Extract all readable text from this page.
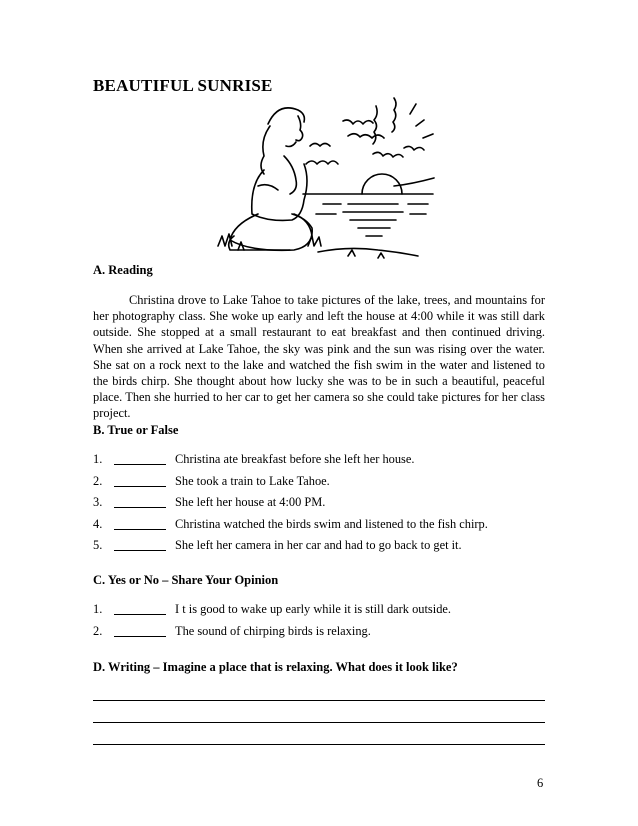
BEAUTIFUL SUNRISE
A. Reading

Christina drove to Lake Tahoe to take pictures of the lake, trees, and mountains for her photography class. She woke up early and left the house at 4:00 while it was still dark outside. She stopped at a small restaurant to eat breakfast and then continued driving. When she arrived at Lake Tahoe, the sky was pink and the sun was rising over the water. She sat on a rock next to the lake and watched the fish swim in the water and listened to the birds chirp. She thought about how lucky she was to be in such a beautiful, peaceful place. Then she hurried to her car to get her camera so she could take pictures for her class project.

B. True or False
1.	Christina ate breakfast before she left her house.
2.	She took a train to Lake Tahoe.
3.	She left her house at 4:00 PM.
4.	Christina watched the birds swim and listened to the fish chirp.
5.	She left her camera in her car and had to go back to get it.
C. Yes or No – Share Your Opinion
1.	I t is good to wake up early while it is still dark outside.
2.	The sound of chirping birds is relaxing.
D. Writing – Imagine a place that is relaxing. What does it look like?
6
